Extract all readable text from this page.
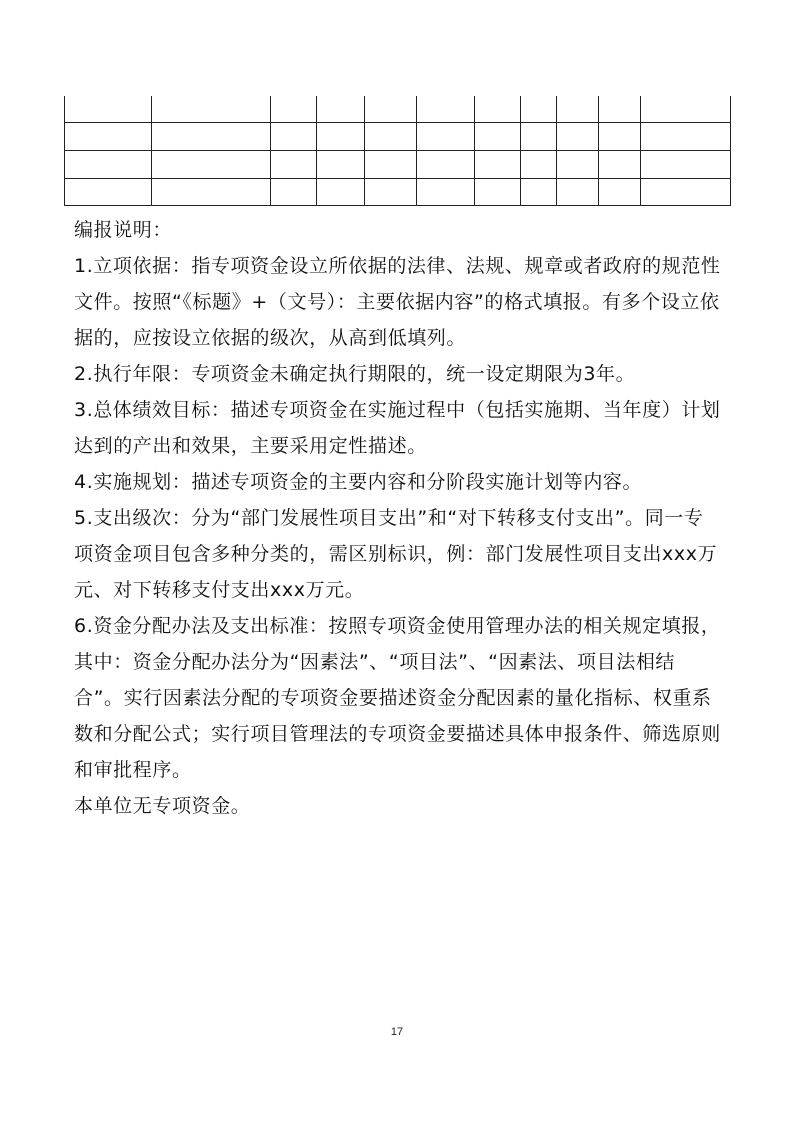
编报说明：

1.立项依据：指专项资金设立所依据的法律、法规、规章或者政府的规范性文件。按照“《标题》+（文号）：主要依据内容”的格式填报。有多个设立依据的，应按设立依据的级次，从高到低填列。

2.执行年限：专项资金未确定执行期限的，统一设定期限为3年。

3.总体绩效目标：描述专项资金在实施过程中（包括实施期、当年度）计划达到的产出和效果，主要采用定性描述。

4.实施规划：描述专项资金的主要内容和分阶段实施计划等内容。

5.支出级次：分为“部门发展性项目支出”和“对下转移支付支出”。同一专项资金项目包含多种分类的，需区别标识，例：部门发展性项目支出xxx万元、对下转移支付支出xxx万元。

6.资金分配办法及支出标准：按照专项资金使用管理办法的相关规定填报，其中：资金分配办法分为“因素法”、“项目法”、“因素法、项目法相结合”。实行因素法分配的专项资金要描述资金分配因素的量化指标、权重系数和分配公式；实行项目管理法的专项资金要描述具体申报条件、筛选原则和审批程序。

本单位无专项资金。

17
